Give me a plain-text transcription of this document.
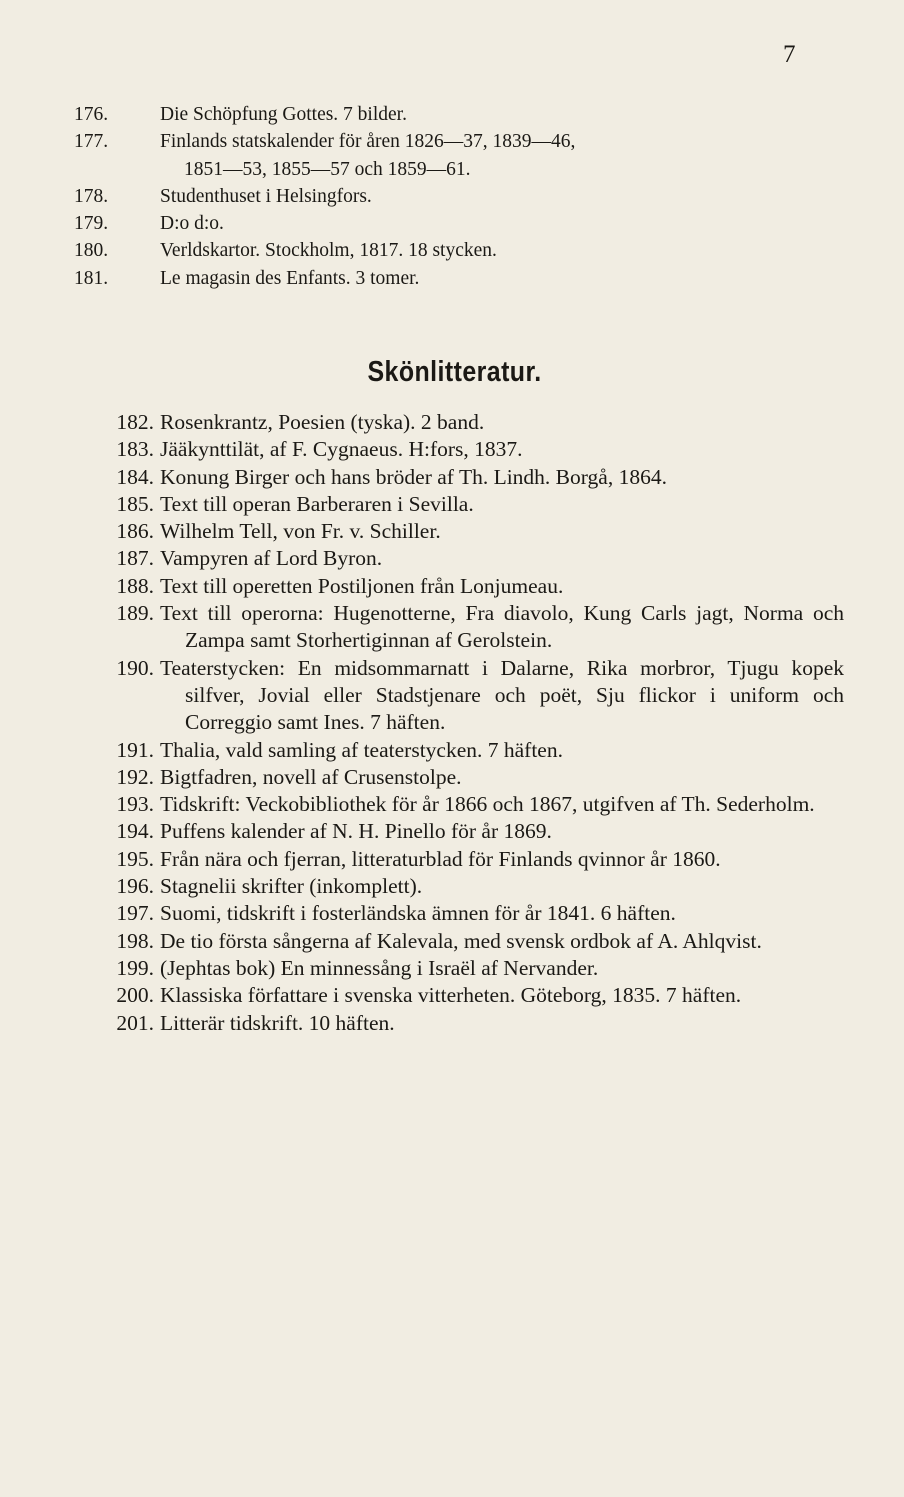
7
176.	Die Schöpfung Gottes. 7 bilder.
177.	Finlands statskalender för åren 1826—37, 1839—46,
1851—53, 1855—57 och 1859—61.
178.	Studenthuset i Helsingfors.
179.	D:o d:o.
180.	Verldskartor. Stockholm, 1817. 18 stycken.
181.	Le magasin des Enfants. 3 tomer.
Skönlitteratur.
182. Rosenkrantz, Poesien (tyska). 2 band.
183. Jääkynttilät, af F. Cygnaeus. H:fors, 1837.
184. Konung Birger och hans bröder af Th. Lindh. Borgå, 1864.
185. Text till operan Barberaren i Sevilla.
186. Wilhelm Tell, von Fr. v. Schiller.
187. Vampyren af Lord Byron.
188. Text till operetten Postiljonen från Lonjumeau.
189. Text till operorna: Hugenotterne, Fra diavolo, Kung Carls jagt, Norma och Zampa samt Storhertiginnan af Gerolstein.
190. Teaterstycken: En midsommarnatt i Dalarne, Rika morbror, Tjugu kopek silfver, Jovial eller Stadstjenare och poët, Sju flickor i uniform och Correggio samt Ines. 7 häften.
191. Thalia, vald samling af teaterstycken. 7 häften.
192. Bigtfadren, novell af Crusenstolpe.
193. Tidskrift: Veckobibliothek för år 1866 och 1867, utgifven af Th. Sederholm.
194. Puffens kalender af N. H. Pinello för år 1869.
195. Från nära och fjerran, litteraturblad för Finlands qvinnor år 1860.
196. Stagnelii skrifter (inkomplett).
197. Suomi, tidskrift i fosterländska ämnen för år 1841. 6 häften.
198. De tio första sångerna af Kalevala, med svensk ordbok af A. Ahlqvist.
199. (Jephtas bok) En minnessång i Israël af Nervander.
200. Klassiska författare i svenska vitterheten. Göteborg, 1835. 7 häften.
201. Litterär tidskrift. 10 häften.
